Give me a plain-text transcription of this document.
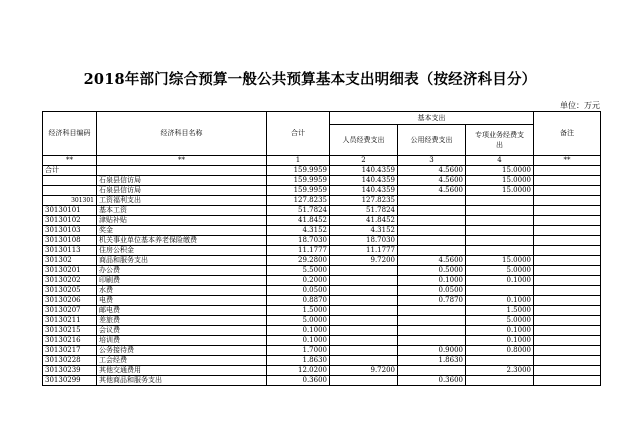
2018年部门综合预算一般公共预算基本支出明细表（按经济科目分）
单位：万元
经济科目编码	经济科目名称	合计	基本支出			备注
			人员经费支出	公用经费支出	专项业务经费支出	
**	**	1	2	3	4	**
合计		159.9959	140.4359	4.5600	15.0000	
	石泉县信访局	159.9959	140.4359	4.5600	15.0000	
	石泉县信访局	159.9959	140.4359	4.5600	15.0000	
301301	工资福利支出	127.8235	127.8235			
30130101	基本工资	51.7824	51.7824			
30130102	津贴补贴	41.8452	41.8452			
30130103	奖金	4.3152	4.3152			
30130108	机关事业单位基本养老保险缴费	18.7030	18.7030			
30130113	住房公积金	11.1777	11.1777			
301302	商品和服务支出	29.2800	9.7200	4.5600	15.0000	
30130201	办公费	5.5000		0.5000	5.0000	
30130202	印刷费	0.2000		0.1000	0.1000	
30130205	水费	0.0500		0.0500		
30130206	电费	0.8870		0.7870	0.1000	
30130207	邮电费	1.5000			1.5000	
30130211	差旅费	5.0000			5.0000	
30130215	会议费	0.1000			0.1000	
30130216	培训费	0.1000			0.1000	
30130217	公务接待费	1.7000		0.9000	0.8000	
30130228	工会经费	1.8630		1.8630		
30130239	其他交通费用	12.0200	9.7200		2.3000	
30130299	其他商品和服务支出	0.3600		0.3600		
